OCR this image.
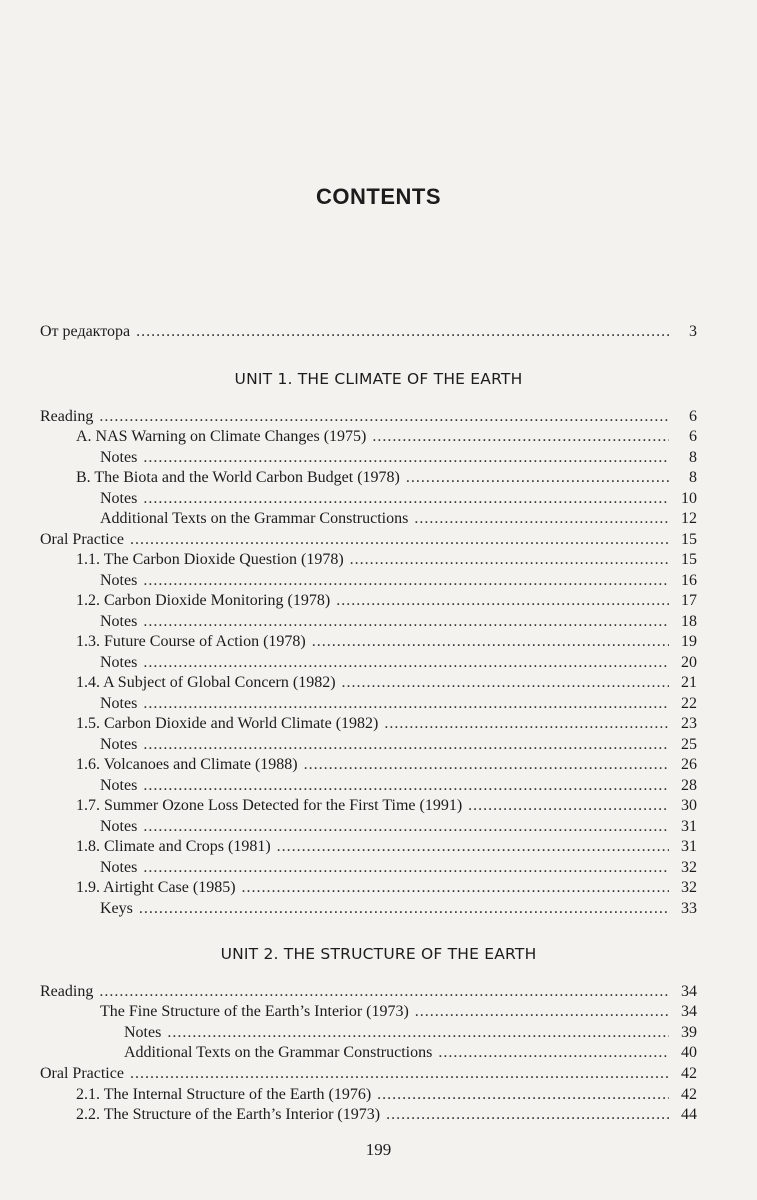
CONTENTS
UNIT 1. THE CLIMATE OF THE EARTH
UNIT 2. THE STRUCTURE OF THE EARTH
От редактора .....	3
Reading .....	6
A. NAS Warning on Climate Changes (1975) .....	6
Notes .....	8
B. The Biota and the World Carbon Budget (1978) .....	8
Notes .....	10
Additional Texts on the Grammar Constructions .....	12
Oral Practice .....	15
1.1. The Carbon Dioxide Question (1978) .....	15
Notes .....	16
1.2. Carbon Dioxide Monitoring (1978) .....	17
Notes .....	18
1.3. Future Course of Action (1978) .....	19
Notes .....	20
1.4. A Subject of Global Concern (1982) .....	21
Notes .....	22
1.5. Carbon Dioxide and World Climate (1982) .....	23
Notes .....	25
1.6. Volcanoes and Climate (1988) .....	26
Notes .....	28
1.7. Summer Ozone Loss Detected for the First Time (1991) .....	30
Notes .....	31
1.8. Climate and Crops (1981) .....	31
Notes .....	32
1.9. Airtight Case (1985) .....	32
Keys .....	33
Reading .....	34
The Fine Structure of the Earth’s Interior (1973) .....	34
Notes .....	39
Additional Texts on the Grammar Constructions .....	40
Oral Practice .....	42
2.1. The Internal Structure of the Earth (1976) .....	42
2.2. The Structure of the Earth’s Interior (1973) .....	44
199
